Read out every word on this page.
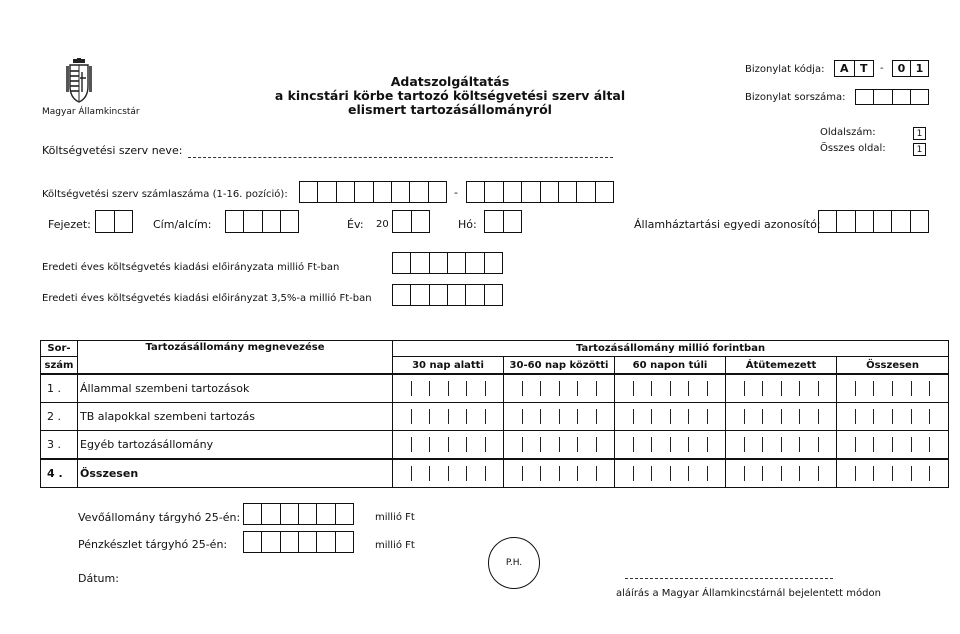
Magyar Államkincstár
Adatszolgáltatás
a kincstári körbe tartozó költségvetési szerv által
elismert tartozásállományról
Bizonylat kódja:	A	T	-	0 1
Bizonylat sorszáma:
Oldalszám:	1
Összes oldal:	1
Költségvetési szerv neve:
Költségvetési szerv számlaszáma (1-16. pozíció):	-
Fejezet:	Cím/alcím:	Év: 20	Hó:	Államháztartási egyedi azonosító:
Eredeti éves költségvetés kiadási előirányzata millió Ft-ban
Eredeti éves költségvetés kiadási előirányzat 3,5%-a millió Ft-ban
Sor-	Tartozásállomány megnevezése	Tartozásállomány millió forintban				
szám		30 nap alatti	30-60 nap közötti	60 napon túli	Átütemezett	Összesen
1 .	Állammal szembeni tartozások	

2 .	TB alapokkal szembeni tartozás	

3 .	Egyéb tartozásállomány	

4 .	Összesen	

Vevőállomány tárgyhó 25-én:	millió Ft
Pénzkészlet tárgyhó 25-én:	millió Ft
P.H.
Dátum:
aláírás a Magyar Államkincstárnál bejelentett módon
